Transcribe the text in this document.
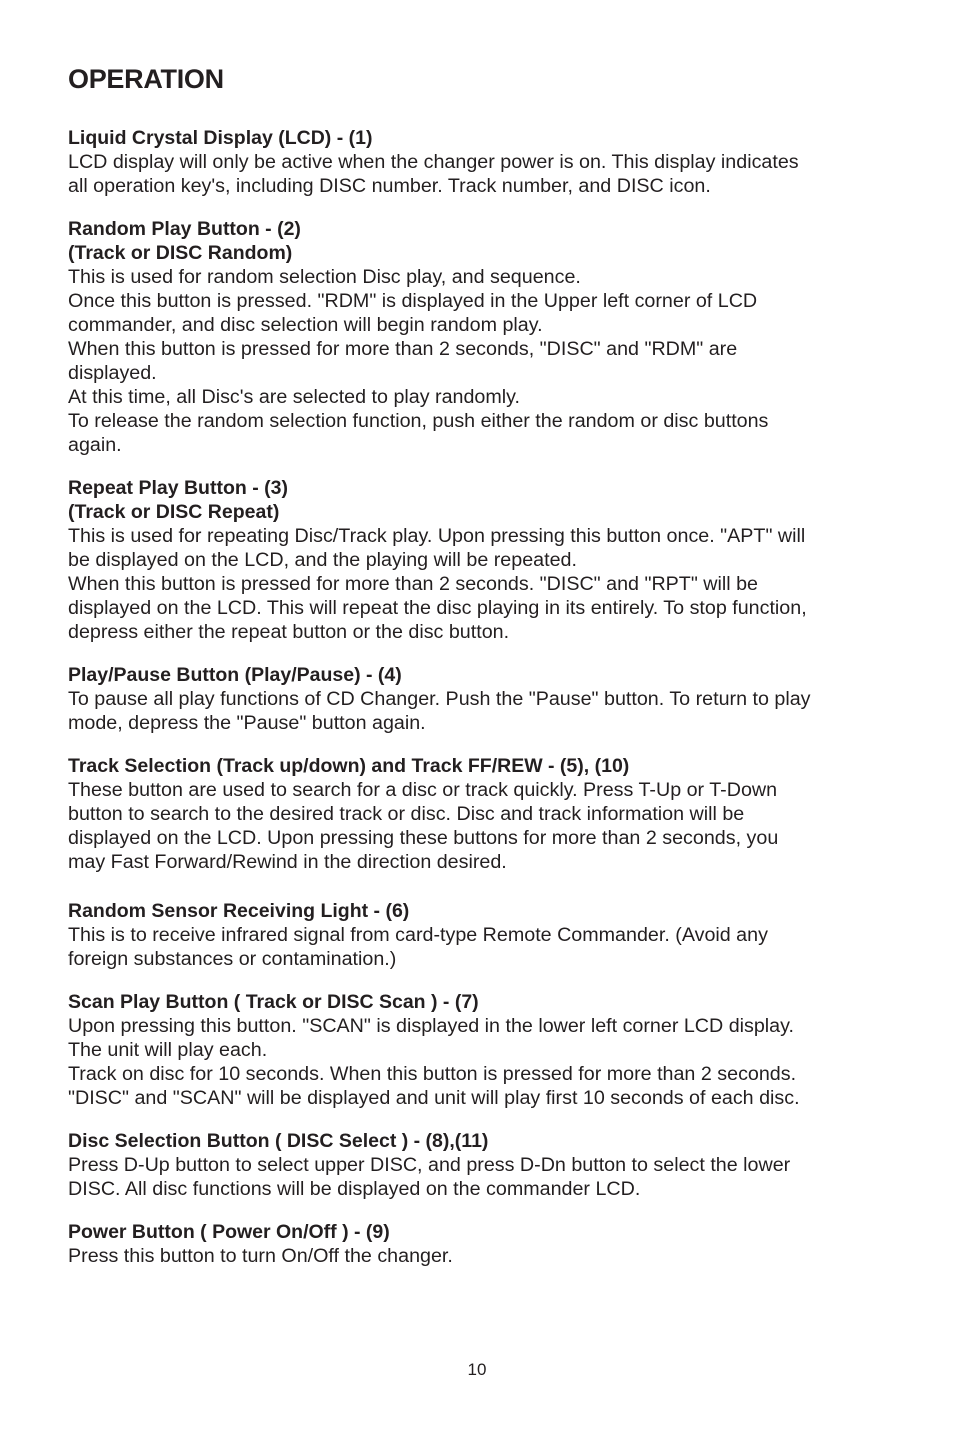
OPERATION

Liquid Crystal Display (LCD) - (1)

LCD display will only be active when the changer power is on. This display indicates

all operation key's, including DISC number. Track number, and DISC icon.

Random Play Button - (2)

(Track or DISC Random)

This is used for random selection Disc play, and sequence.

Once this button is pressed. "RDM" is displayed in the Upper left corner of LCD

commander, and disc selection will begin random play.

When this button is pressed for more than 2 seconds, "DISC" and "RDM" are

displayed.

At this time, all Disc's are selected to play randomly.

To release the random selection function, push either the random or disc buttons

again.

Repeat Play Button - (3)

(Track or DISC Repeat)

This is used for repeating Disc/Track play. Upon pressing this button once. "APT" will

be displayed on the LCD, and the playing will be repeated.

When this button is pressed for more than 2 seconds. "DISC" and "RPT" will be

displayed on the LCD. This will repeat the disc playing in its entirely. To stop function,

depress either the repeat button or the disc button.

Play/Pause Button (Play/Pause) - (4)

To pause all play functions of CD Changer. Push the "Pause" button. To return to play

mode, depress the "Pause" button again.

Track Selection (Track up/down) and Track FF/REW - (5), (10)

These button are used to search for a disc or track quickly. Press T-Up or T-Down

button to search to the desired track or disc. Disc and track information will be

displayed on the LCD. Upon pressing these buttons for more than 2 seconds, you

may Fast Forward/Rewind in the direction desired.

Random Sensor Receiving Light - (6)

This is to receive infrared signal from card-type Remote Commander. (Avoid any

foreign substances or contamination.)

Scan Play Button ( Track or DISC Scan ) - (7)

Upon pressing this button. "SCAN" is displayed in the lower left corner LCD display.

The unit will play each.

Track on disc for 10 seconds. When this button is pressed for more than 2 seconds.

"DISC" and "SCAN" will be displayed and unit will play first 10 seconds of each disc.

Disc Selection Button ( DISC Select ) - (8),(11)

Press D-Up button to select upper DISC, and press D-Dn button to select the lower

DISC. All disc functions will be displayed on the commander LCD.

Power Button ( Power On/Off ) - (9)

Press this button to turn On/Off the changer.

10
